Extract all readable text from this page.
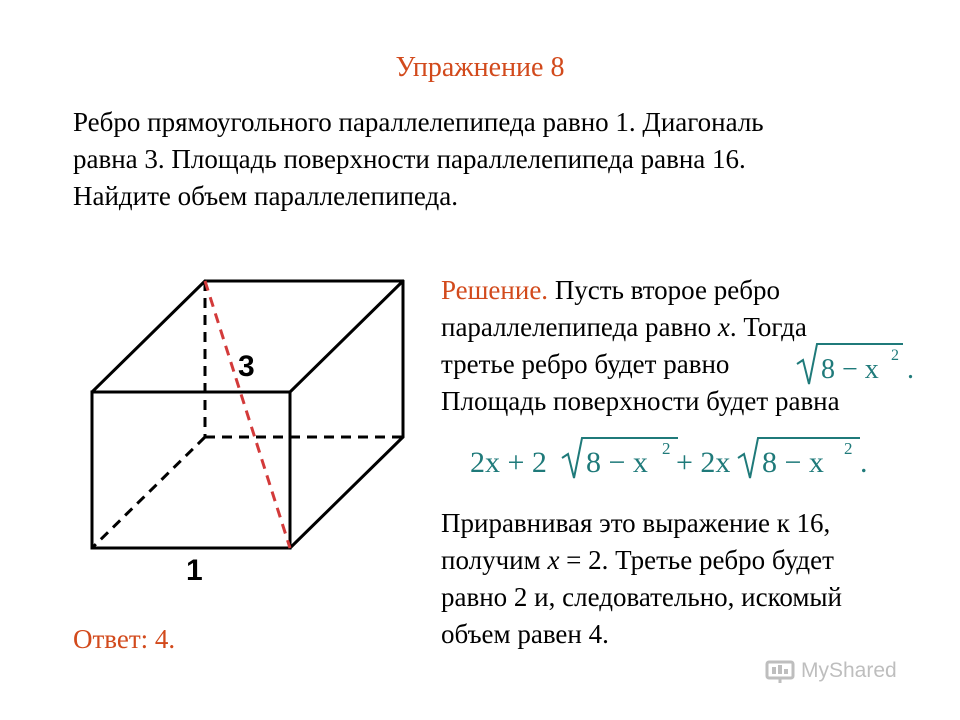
Упражнение 8
Ребро прямоугольного параллелепипеда равно 1. Диагональ
равна 3. Площадь поверхности параллелепипеда равна 16.
Найдите объем параллелепипеда.
3
1
Решение. Пусть второе ребро
параллелепипеда равно x. Тогда
третье ребро будет равно
Площадь поверхности будет равна
8 − x 2 .
2x + 2 8 − x 2 + 2x 8 − x 2 .
Приравнивая это выражение к 16,
получим x = 2. Третье ребро будет
равно 2 и, следовательно, искомый
объем равен 4.
Ответ: 4.
MyShared
